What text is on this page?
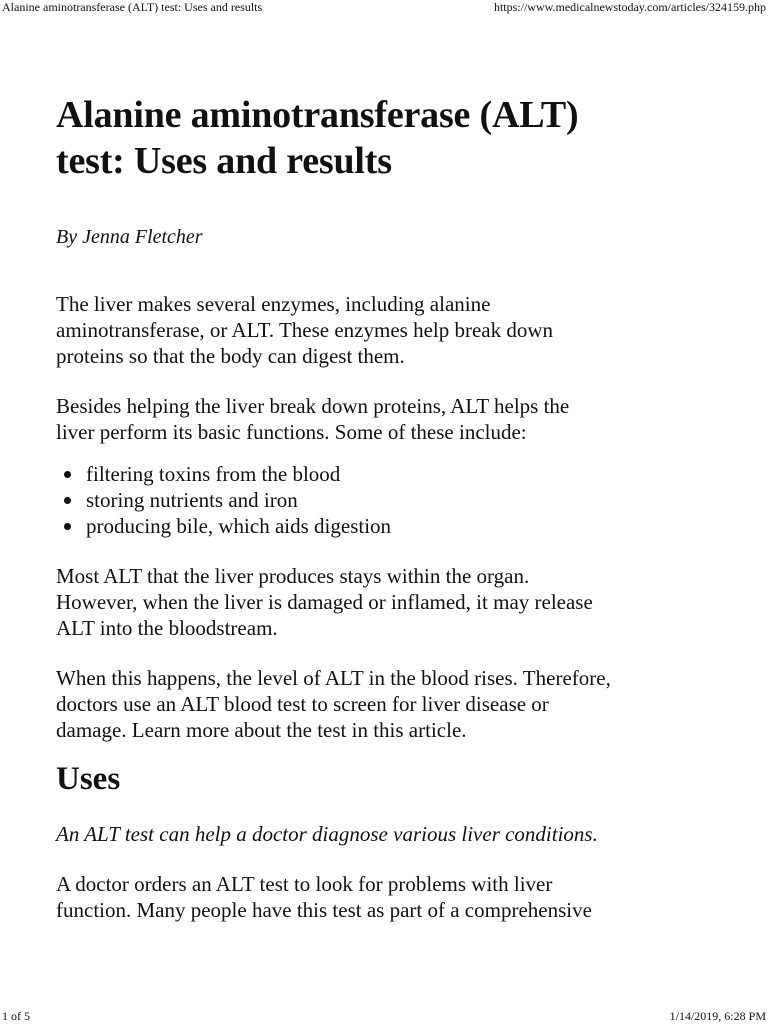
Alanine aminotransferase (ALT) test: Uses and results	https://www.medicalnewstoday.com/articles/324159.php
Alanine aminotransferase (ALT)
test: Uses and results

By Jenna Fletcher

The liver makes several enzymes, including alanine
aminotransferase, or ALT. These enzymes help break down
proteins so that the body can digest them.

Besides helping the liver break down proteins, ALT helps the
liver perform its basic functions. Some of these include:

filtering toxins from the blood
storing nutrients and iron
producing bile, which aids digestion

Most ALT that the liver produces stays within the organ.
However, when the liver is damaged or inflamed, it may release
ALT into the bloodstream.

When this happens, the level of ALT in the blood rises. Therefore,
doctors use an ALT blood test to screen for liver disease or
damage. Learn more about the test in this article.

Uses

An ALT test can help a doctor diagnose various liver conditions.

A doctor orders an ALT test to look for problems with liver
function. Many people have this test as part of a comprehensive

1 of 5	1/14/2019, 6:28 PM
